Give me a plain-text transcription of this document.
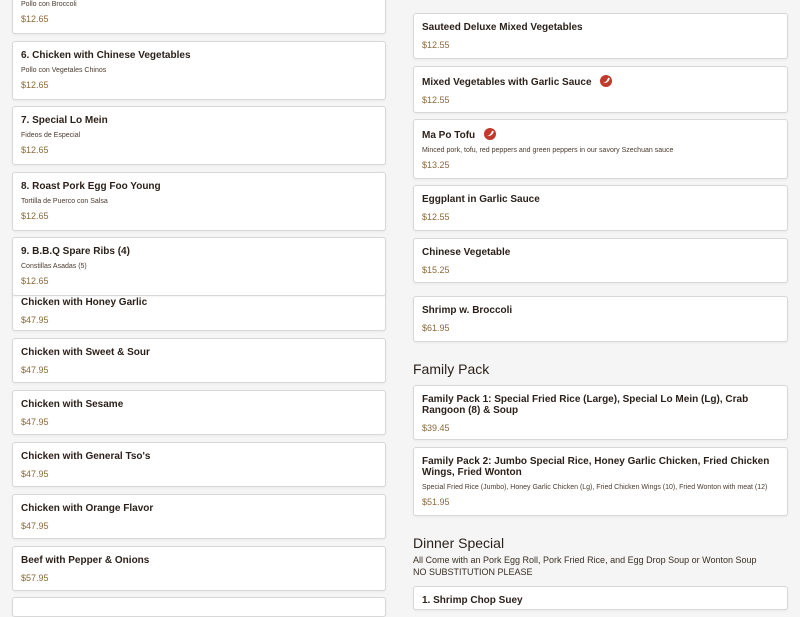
Chicken with Honey Garlic
$47.95
Chicken with Sweet & Sour
$47.95
Chicken with Sesame
$47.95
Chicken with General Tso's
$47.95
Chicken with Orange Flavor
$47.95
Beef with Pepper & Onions
$57.95
Pollo con Broccoli
$12.65
6. Chicken with Chinese Vegetables
Pollo con Vegetales Chinos
$12.65
7. Special Lo Mein
Fideos de Especial
$12.65
8. Roast Pork Egg Foo Young
Tortilla de Puerco con Salsa
$12.65
9. B.B.Q Spare Ribs (4)
Constillas Asadas (5)
$12.65
Shrimp w. Broccoli
$61.95
Family Pack
Family Pack 1: Special Fried Rice (Large), Special Lo Mein (Lg), Crab Rangoon (8) & Soup
$39.45
Family Pack 2: Jumbo Special Rice, Honey Garlic Chicken, Fried Chicken Wings, Fried Wonton
Special Fried Rice (Jumbo), Honey Garlic Chicken (Lg), Fried Chicken Wings (10), Fried Wonton with meat (12)
$51.95
Dinner Special
All Come with an Pork Egg Roll, Pork Fried Rice, and Egg Drop Soup or Wonton Soup
NO SUBSTITUTION PLEASE
1. Shrimp Chop Suey
Sauteed Deluxe Mixed Vegetables
$12.55
Mixed Vegetables with Garlic Sauce
$12.55
Ma Po Tofu
Minced pork, tofu, red peppers and green peppers in our savory Szechuan sauce
$13.25
Eggplant in Garlic Sauce
$12.55
Chinese Vegetable
$15.25
